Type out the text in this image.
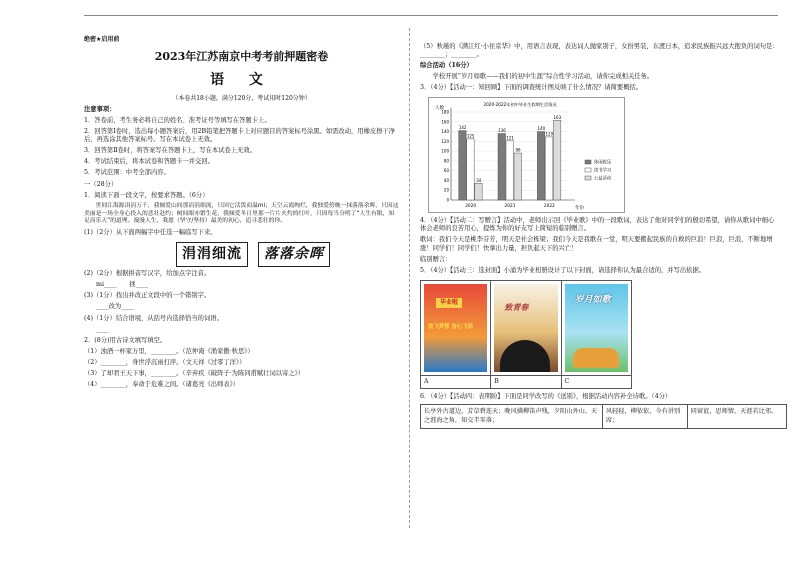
绝密★启用前
2023年江苏南京中考考前押题密卷
语 文
（本卷共18小题，满分120分，考试用时120分钟）
注意事项：
1．答卷前，考生务必将自己的姓名、准考证号等填写在答题卡上。
2．回答第Ⅰ卷时，选出每小题答案后，用2B铅笔把答题卡上对应题目的答案标号涂黑。如需改动，用橡皮擦干净后，再选涂其他答案标号。写在本试卷上无效。
3．回答第Ⅱ卷时，将答案写在答题卡上，写在本试卷上无效。
4．考试结束后，将本试卷和答题卡一并交回。
5．考试范围：中考全部内容。
一（28分）
1．阅读下面一段文字，按要求答题。（6分）
世间江海源涓涓万千，我倾爱山间那涓涓细流，只因它活泼而温mi；天空云霞绚烂，我独爱傍晚一抹落落余晖，只因这美丽是一场全身心投入的悲壮赴约；树间眼亦繁生花，我倾爱冬日里那一片片火灼的红叶，只因每当分明了“人生有限，知足而乐天”的道理。漫漫人生，我愿（坚守/坚持）最美的初心，追寻悲壮的你。
(1)（2分）从下面两幅字中任选一幅临写下来。
涓涓细流	落落余晖
(2)（2分）根据拼音写汉字，给加点字注音。
mi____　　拯____
(3)（1分）找出并改正文段中的一个错别字。
____改为____
(4)（1分）结合语境，从括号内选择恰当的词语。
____
2．(8分)用古诗文填写填空。
（1）浊酒一杯家万里，________。（范仲淹《渔家傲·秋思》）
（2）________，身世浮沉雨打萍。（文天祥《过零丁洋》）
（3）了却君王天下事，________。（辛弃疾《破阵子·为陈同甫赋壮词以寄之》）
（4）________，奉命于危难之间。（诸葛亮《出师表》）
（5）秋瑾的《满江红·小住京华》中，用语言表现，表达词人抛家别子，女扮男装，东渡日本，追求民族振兴远大抱负的词句是：________；________。
综合活动（16分）
学校开展“岁月如歌——我们的初中生涯”综合性学习活动，请你完成相关任务。
3．（4分）【活动一：知回顾】下面的调查统计图反映了什么情况？请简要概括。
2020-2022年初中毕业生假期生活情况
人数
0
20
40
60
80
100
120
140
160
180
年份
142
125
34
2020
136
121
96
2021
140
129
163
2022
休闲娱乐
读书学习
公益活动
4．（4分）【活动二：写赠言】活动中，老师出示回《毕业歌》中的一段歌词，表达了他对同学们的殷切希望，请你从歌词中细心体会老师的良苦用心，提炼为你的好友写上简短的临别赠言。
歌词：我们今天是桃李芬芳，明天是社会栋梁；我们今天是我歌在一堂，明天要搬起民族的自救的巨浪！巨浪，巨浪，不断地增涨！同学们！同学们！快拿出力量，担负起天下的兴亡！
临别赠言：
5．（4分）【活动三：选封面】小涌为毕业相册设计了以下封面，请选择你认为最合适的，并写出依据。
毕业啦
放飞梦想 奋心飞扬
A
致青春
B
岁月如歌
C
6．（4分）【活动四：表期盼】下面是同学改写的《送别》，根据活动内容补全诗歌。（4分）
长亭外古道边，芳草碧连天；晚风拂柳笛声残，夕阳山外山。天之涯海之角，知交半零落；
风轻轻，柳依依，今有讲别席；
同窗谊，思师情，天涯若比邻。
